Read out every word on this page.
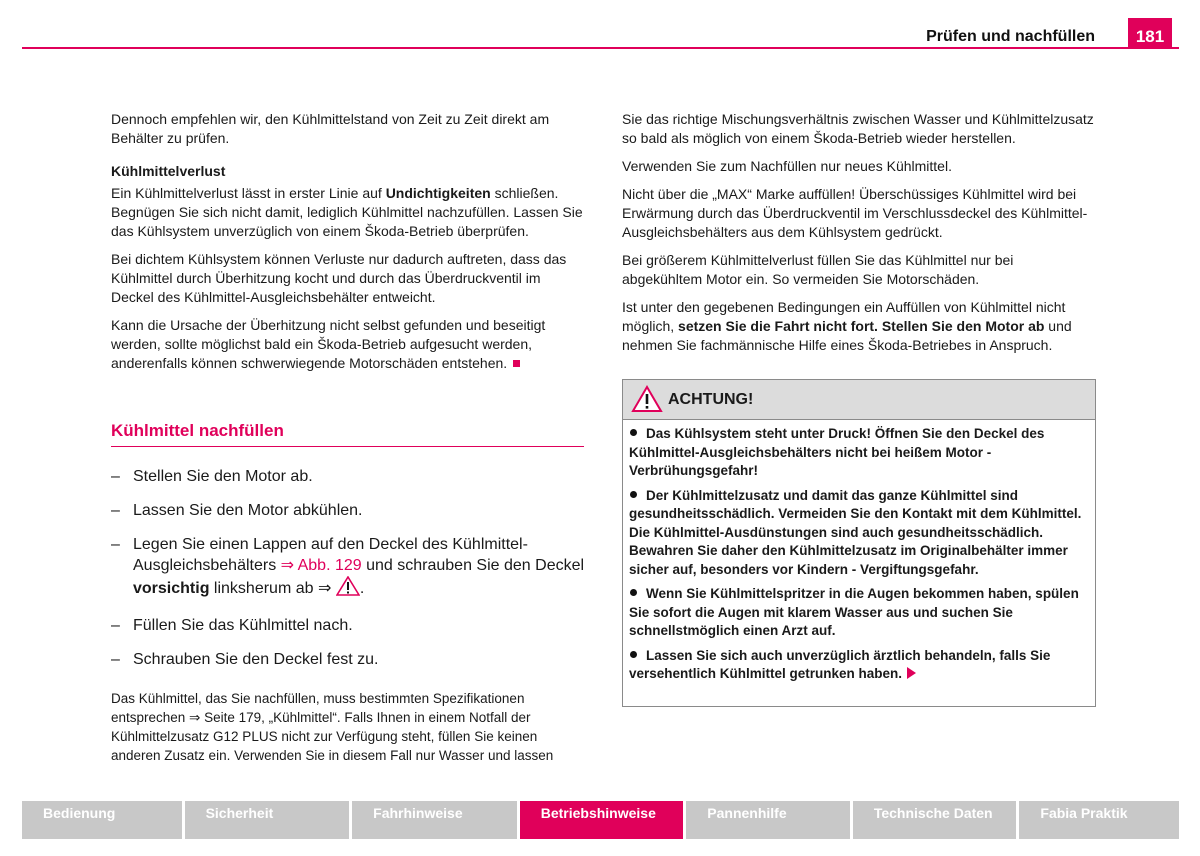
Prüfen und nachfüllen	181

Dennoch empfehlen wir, den Kühlmittelstand von Zeit zu Zeit direkt am Behälter zu prüfen.

Kühlmittelverlust

Ein Kühlmittelverlust lässt in erster Linie auf Undichtigkeiten schließen. Begnügen Sie sich nicht damit, lediglich Kühlmittel nachzufüllen. Lassen Sie das Kühlsystem unverzüglich von einem Škoda-Betrieb überprüfen.

Bei dichtem Kühlsystem können Verluste nur dadurch auftreten, dass das Kühlmittel durch Überhitzung kocht und durch das Überdruckventil im Deckel des Kühlmittel-Ausgleichsbehälter entweicht.

Kann die Ursache der Überhitzung nicht selbst gefunden und beseitigt werden, sollte möglichst bald ein Škoda-Betrieb aufgesucht werden, anderenfalls können schwerwiegende Motorschäden entstehen.

Kühlmittel nachfüllen
– Stellen Sie den Motor ab.
– Lassen Sie den Motor abkühlen.
– Legen Sie einen Lappen auf den Deckel des Kühlmittel-Ausgleichsbehälters ⇒ Abb. 129 und schrauben Sie den Deckel vorsichtig linksherum ab ⇒ .
– Füllen Sie das Kühlmittel nach.
– Schrauben Sie den Deckel fest zu.

Das Kühlmittel, das Sie nachfüllen, muss bestimmten Spezifikationen entsprechen ⇒ Seite 179, „Kühlmittel“. Falls Ihnen in einem Notfall der Kühlmittelzusatz G12 PLUS nicht zur Verfügung steht, füllen Sie keinen anderen Zusatz ein. Verwenden Sie in diesem Fall nur Wasser und lassen

Sie das richtige Mischungsverhältnis zwischen Wasser und Kühlmittelzusatz so bald als möglich von einem Škoda-Betrieb wieder herstellen.

Verwenden Sie zum Nachfüllen nur neues Kühlmittel.

Nicht über die „MAX“ Marke auffüllen! Überschüssiges Kühlmittel wird bei Erwärmung durch das Überdruckventil im Verschlussdeckel des Kühlmittel-Ausgleichsbehälters aus dem Kühlsystem gedrückt.

Bei größerem Kühlmittelverlust füllen Sie das Kühlmittel nur bei abgekühltem Motor ein. So vermeiden Sie Motorschäden.

Ist unter den gegebenen Bedingungen ein Auffüllen von Kühlmittel nicht möglich, setzen Sie die Fahrt nicht fort. Stellen Sie den Motor ab und nehmen Sie fachmännische Hilfe eines Škoda-Betriebes in Anspruch.

ACHTUNG!
Das Kühlsystem steht unter Druck! Öffnen Sie den Deckel des Kühlmittel-Ausgleichsbehälters nicht bei heißem Motor - Verbrühungsgefahr!
Der Kühlmittelzusatz und damit das ganze Kühlmittel sind gesundheitsschädlich. Vermeiden Sie den Kontakt mit dem Kühlmittel. Die Kühlmittel-Ausdünstungen sind auch gesundheitsschädlich. Bewahren Sie daher den Kühlmittelzusatz im Originalbehälter immer sicher auf, besonders vor Kindern - Vergiftungsgefahr.
Wenn Sie Kühlmittelspritzer in die Augen bekommen haben, spülen Sie sofort die Augen mit klarem Wasser aus und suchen Sie schnellstmöglich einen Arzt auf.
Lassen Sie sich auch unverzüglich ärztlich behandeln, falls Sie versehentlich Kühlmittel getrunken haben.
Bedienung	Sicherheit	Fahrhinweise	Betriebshinweise	Pannenhilfe	Technische Daten	Fabia Praktik
